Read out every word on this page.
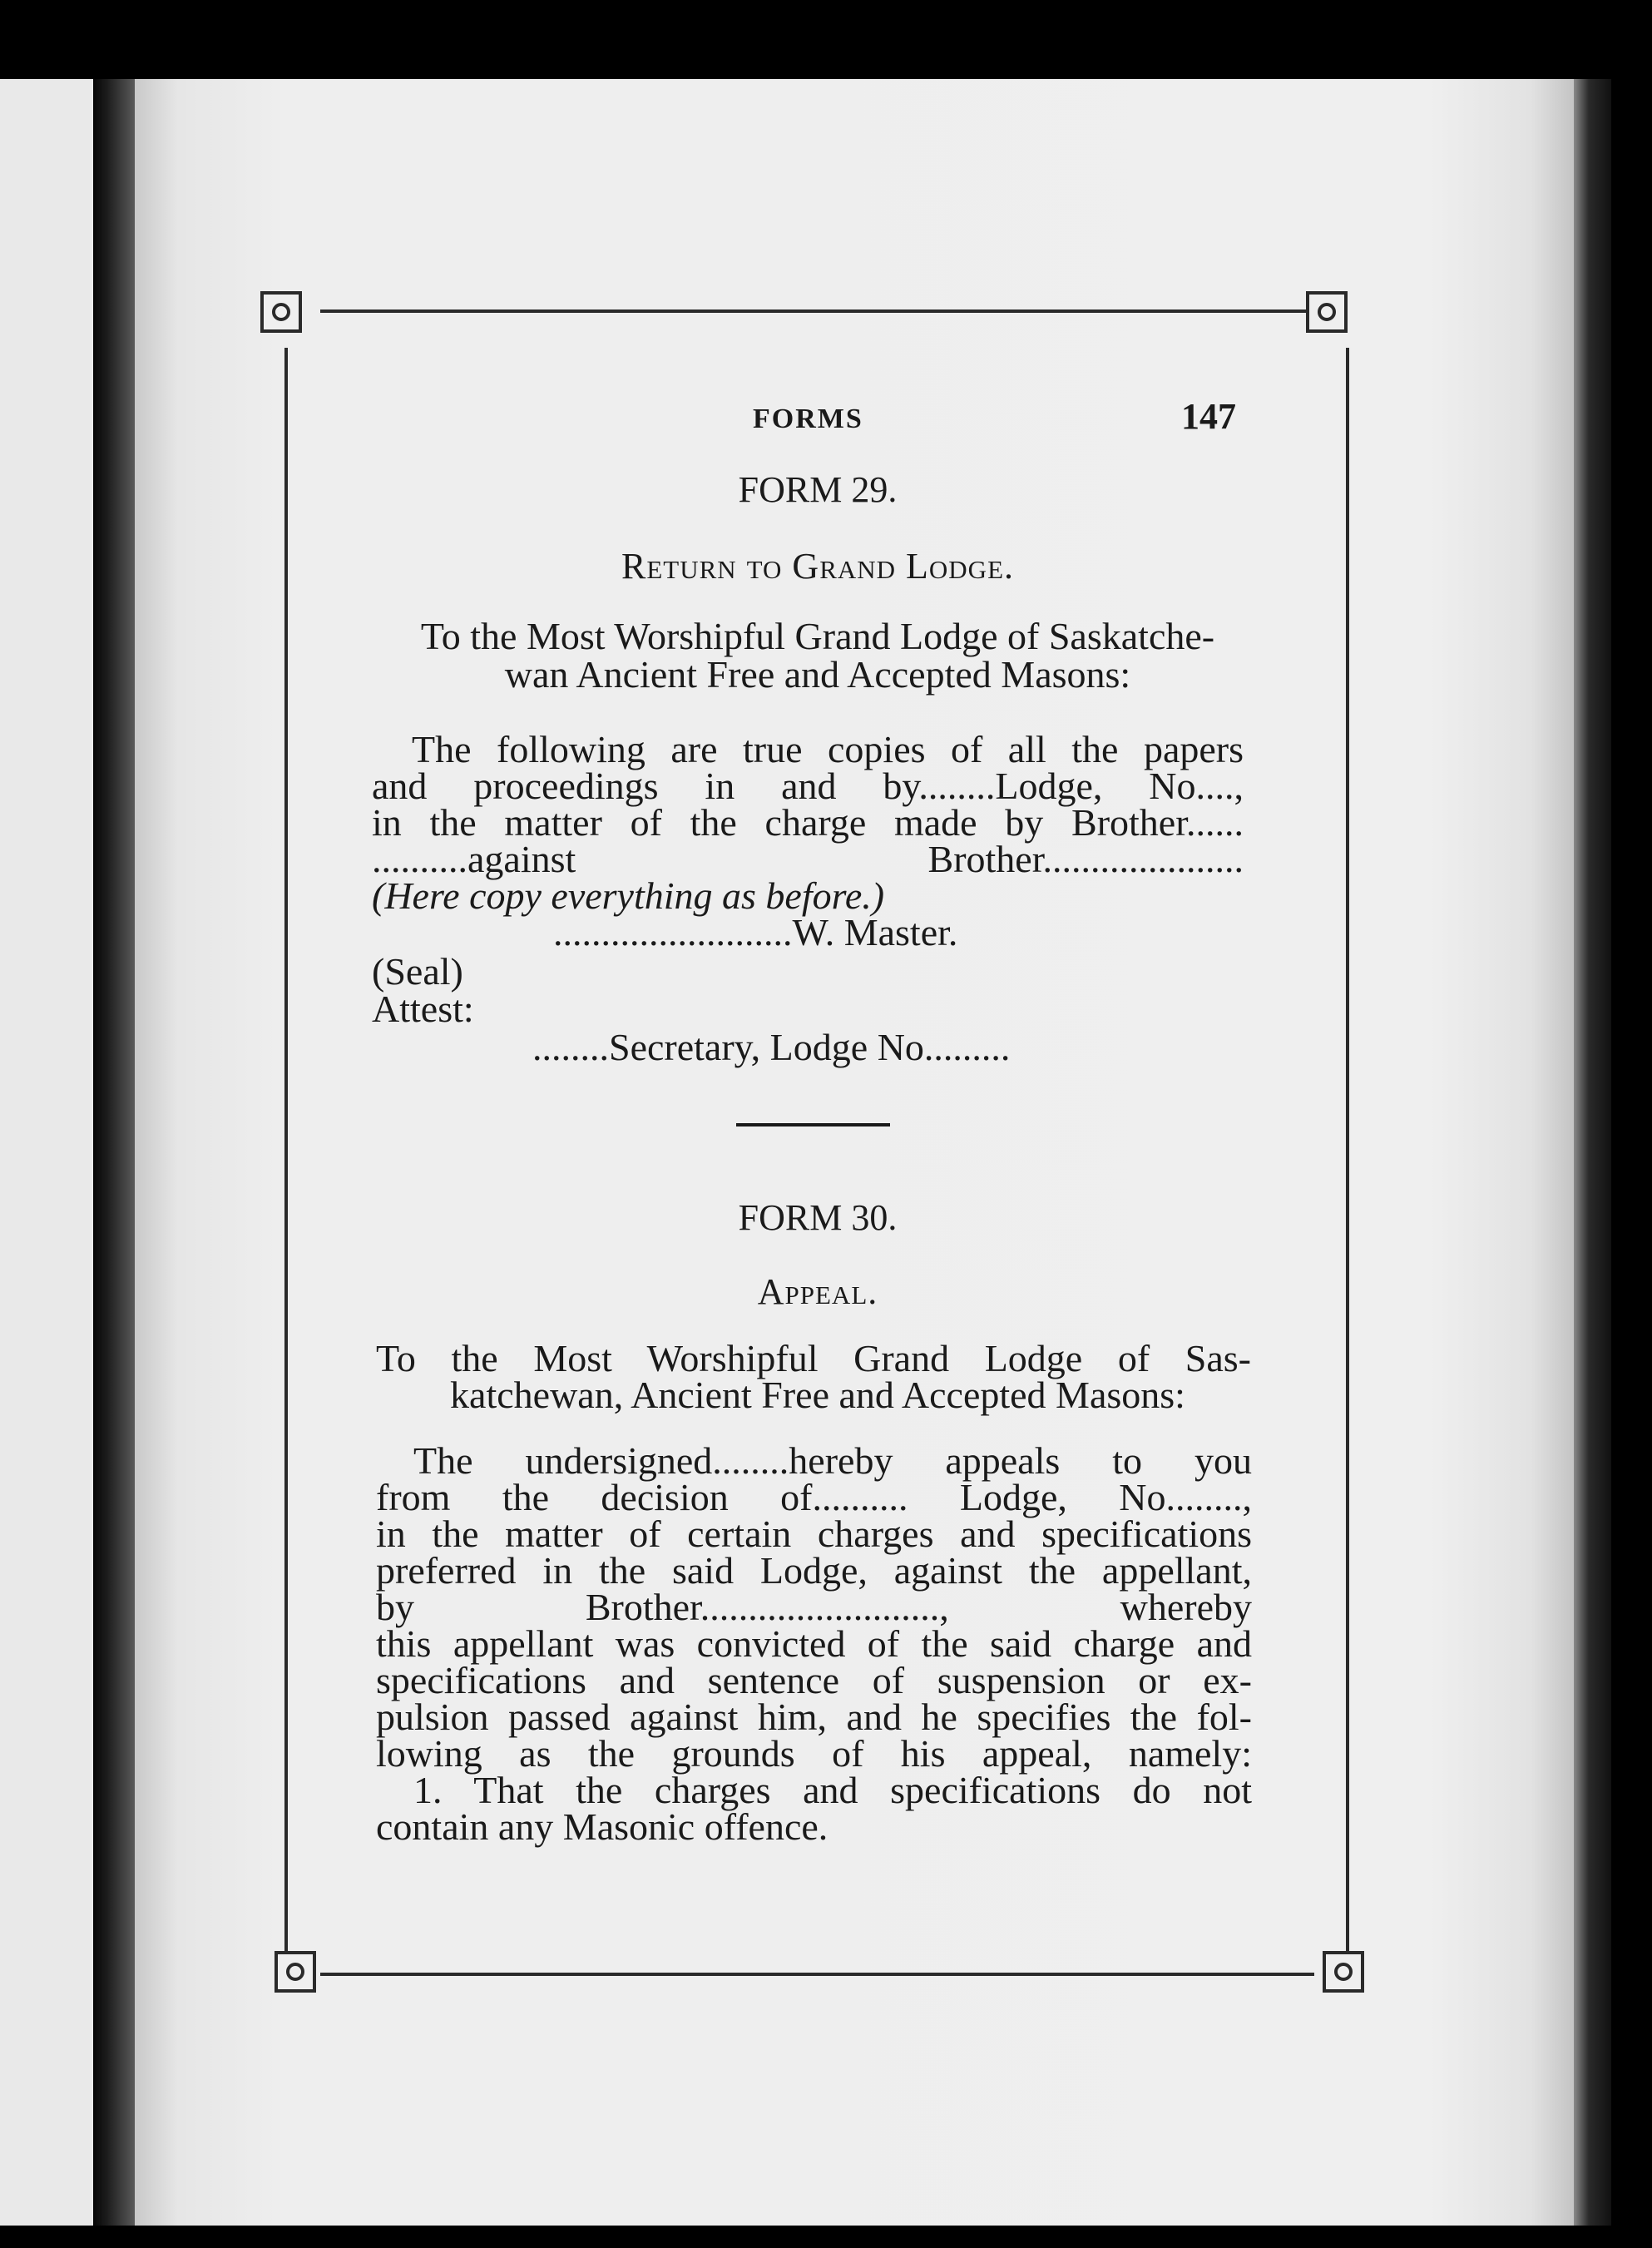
FORMS	147
FORM 29.
Return to Grand Lodge.
To the Most Worshipful Grand Lodge of Saskatche-
wan Ancient Free and Accepted Masons:
The following are true copies of all the papers
and proceedings in and by........Lodge, No....,
in the matter of the charge made by Brother......
..........against Brother.....................
(Here copy everything as before.)
.........................W. Master.
(Seal)
Attest:
........Secretary, Lodge No.........
FORM 30.
Appeal.
To the Most Worshipful Grand Lodge of Sas-
katchewan, Ancient Free and Accepted Masons:
The undersigned........hereby appeals to you
from the decision of.......... Lodge, No........,
in the matter of certain charges and specifications
preferred in the said Lodge, against the appellant,
by Brother........................., whereby
this appellant was convicted of the said charge and
specifications and sentence of suspension or ex-
pulsion passed against him, and he specifies the fol-
lowing as the grounds of his appeal, namely:
1. That the charges and specifications do not
contain any Masonic offence.
